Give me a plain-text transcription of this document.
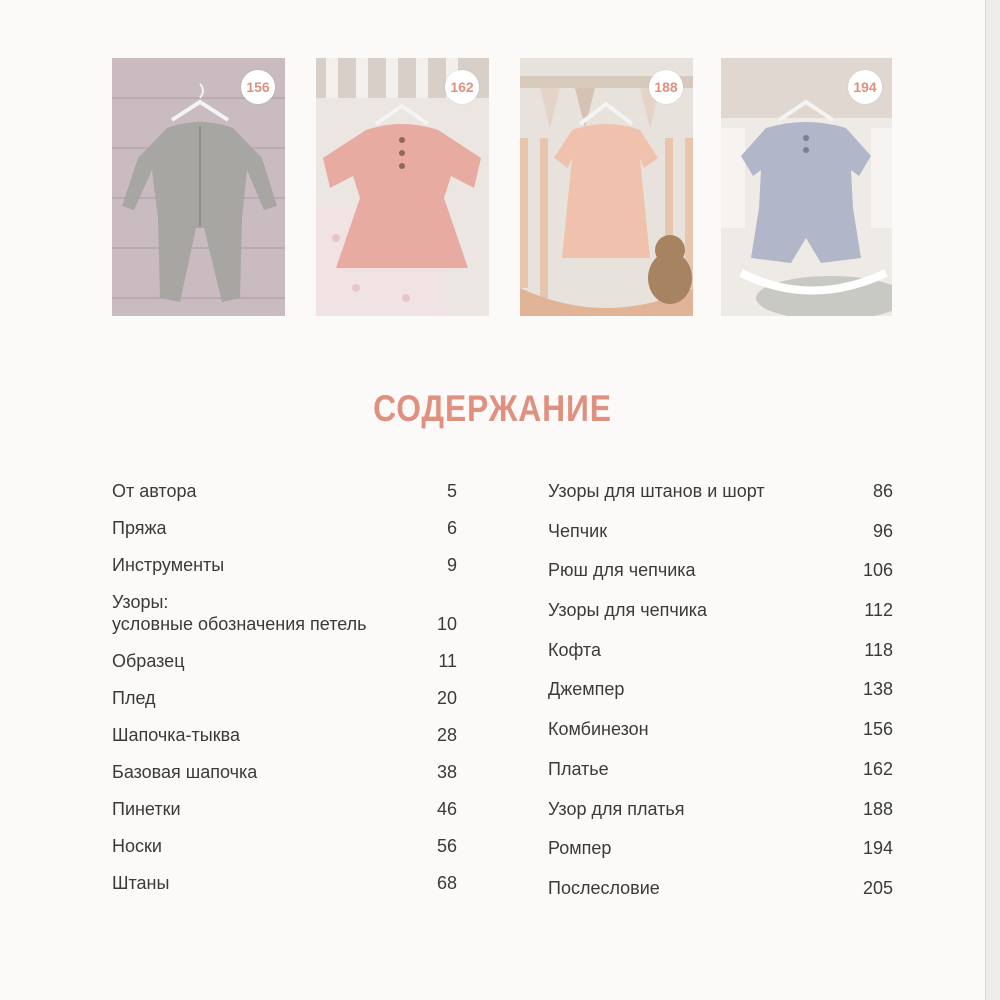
156	162	188	194
СОДЕРЖАНИЕ
От автора	5
Пряжа	6
Инструменты	9
Узоры:
условные обозначения петель	10
Образец	11
Плед	20
Шапочка-тыква	28
Базовая шапочка	38
Пинетки	46
Носки	56
Штаны	68
Узоры для штанов и шорт	86
Чепчик	96
Рюш для чепчика	106
Узоры для чепчика	112
Кофта	118
Джемпер	138
Комбинезон	156
Платье	162
Узор для платья	188
Ромпер	194
Послесловие	205
